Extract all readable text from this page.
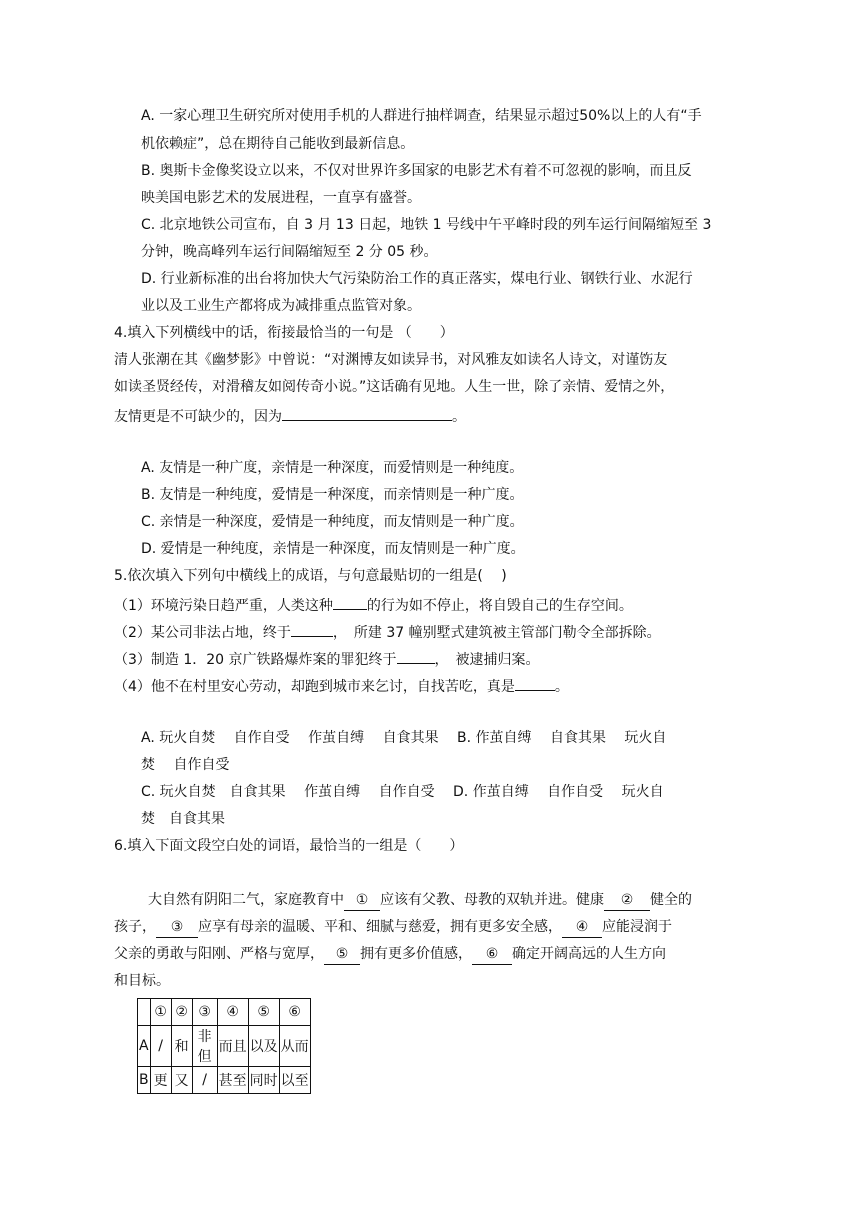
A. 一家心理卫生研究所对使用手机的人群进行抽样调查，结果显示超过50%以上的人有“手
机依赖症”，总在期待自己能收到最新信息。
B. 奥斯卡金像奖设立以来，不仅对世界许多国家的电影艺术有着不可忽视的影响，而且反
映美国电影艺术的发展进程，一直享有盛誉。
C. 北京地铁公司宣布，自 3 月 13 日起，地铁 1 号线中午平峰时段的列车运行间隔缩短至 3
分钟，晚高峰列车运行间隔缩短至 2 分 05 秒。
D. 行业新标准的出台将加快大气污染防治工作的真正落实，煤电行业、钢铁行业、水泥行
业以及工业生产都将成为减排重点监管对象。
4.填入下列横线中的话，衔接最恰当的一句是 （　　）
清人张潮在其《幽梦影》中曾说：“对渊博友如读异书，对风雅友如读名人诗文，对谨饬友
如读圣贤经传，对滑稽友如阅传奇小说。”这话确有见地。人生一世，除了亲情、爱情之外，
友情更是不可缺少的，因为	。
A. 友情是一种广度，亲情是一种深度，而爱情则是一种纯度。
B. 友情是一种纯度，爱情是一种深度，而亲情则是一种广度。
C. 亲情是一种深度，爱情是一种纯度，而友情则是一种广度。
D. 爱情是一种纯度，亲情是一种深度，而友情则是一种广度。
5.依次填入下列句中横线上的成语，与句意最贴切的一组是(　 )
（1）环境污染日趋严重，人类这种 的行为如不停止，将自毁自己的生存空间。
（2）某公司非法占地，终于	，　所建 37 幢别墅式建筑被主管部门勒令全部拆除。
（3）制造 1．20 京广铁路爆炸案的罪犯终于	，　被逮捕归案。
（4）他不在村里安心劳动，却跑到城市来乞讨，自找苦吃，真是	。
A. 玩火自焚　 自作自受　 作茧自缚　 自食其果　 B. 作茧自缚　 自食其果　 玩火自
焚　 自作自受
C. 玩火自焚　自食其果　 作茧自缚　 自作自受　 D. 作茧自缚　 自作自受　 玩火自
焚　自食其果
6.填入下面文段空白处的词语，最恰当的一组是（　　）
大自然有阴阳二气，家庭教育中 ① 应该有父教、母教的双轨并进。健康 ② 健全的
孩子， ③ 应享有母亲的温暖、平和、细腻与慈爱，拥有更多安全感， ④ 应能浸润于
父亲的勇敢与阳刚、严格与宽厚， ⑤ 拥有更多价值感， ⑥ 确定开阔高远的人生方向
和目标。
	①	②	③	④	⑤	⑥
A	/	和	非但	而且	以及	从而
B	更	又	/	甚至	同时	以至
